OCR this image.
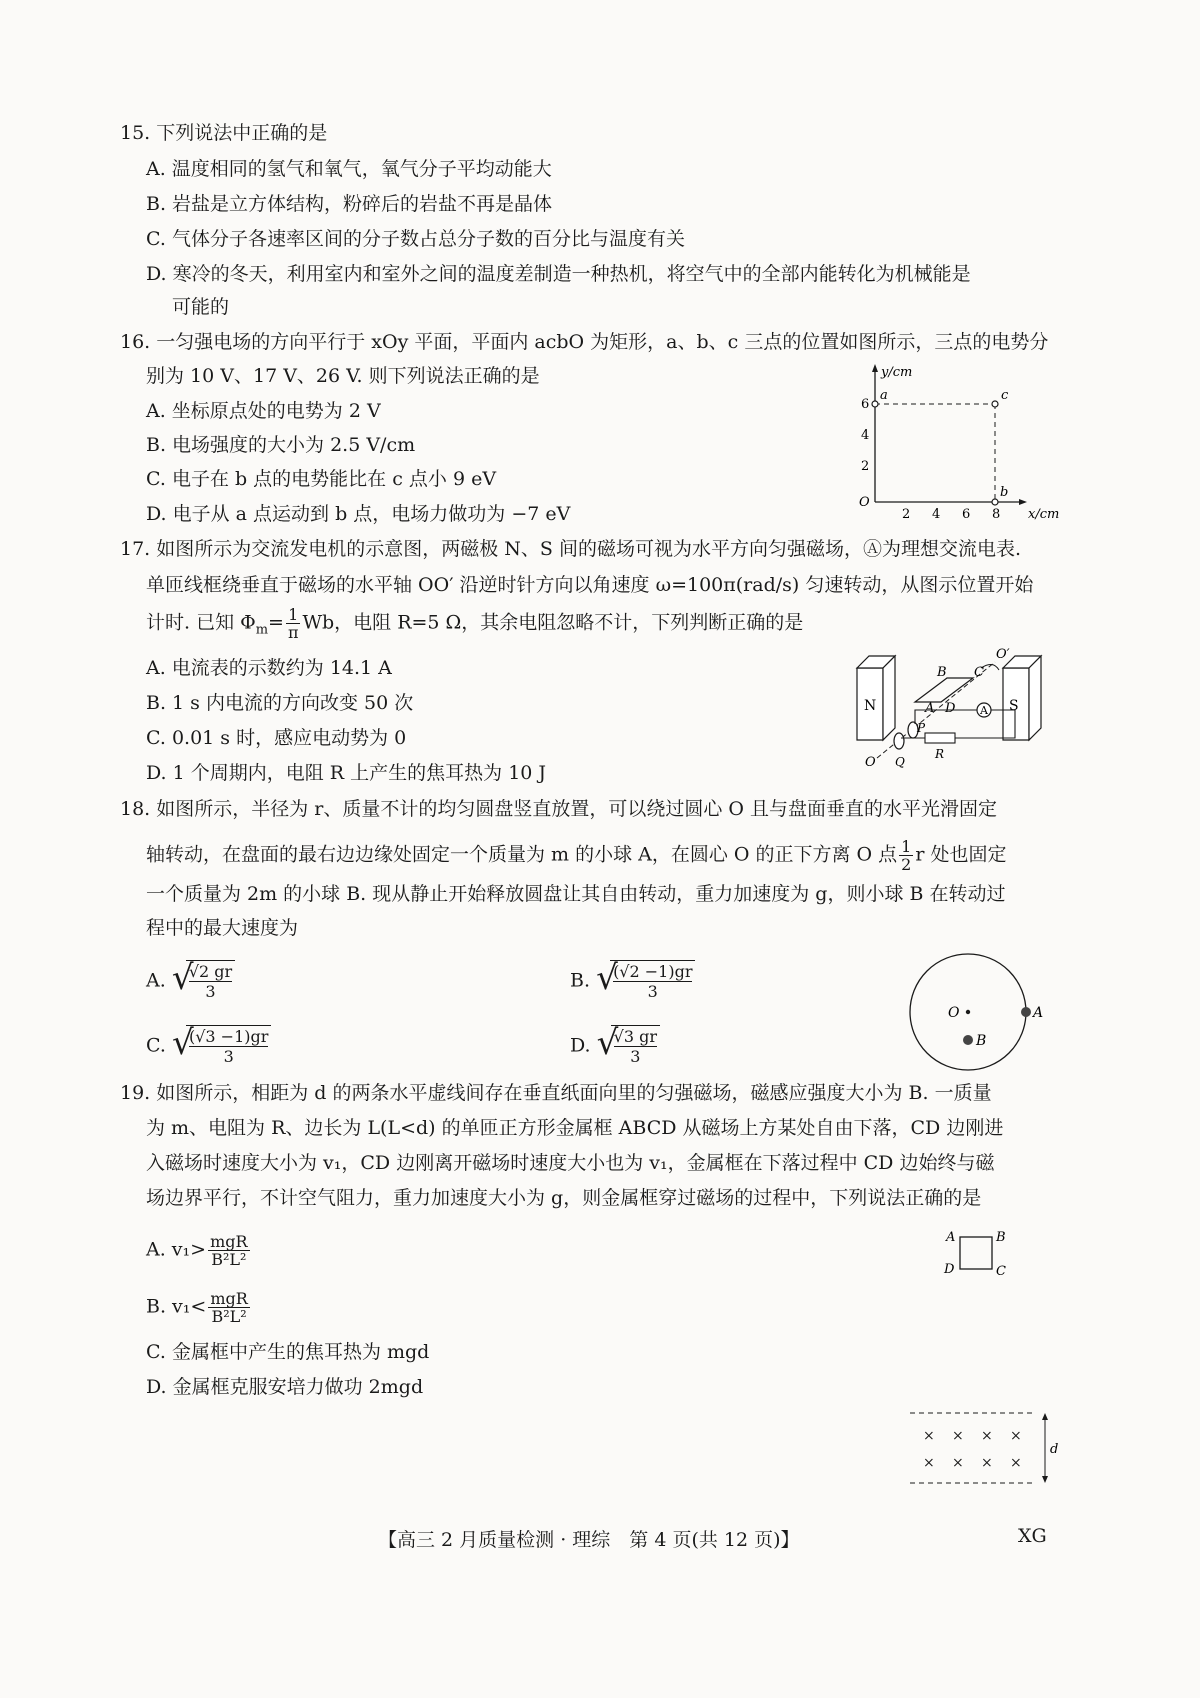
15. 下列说法中正确的是
A. 温度相同的氢气和氧气，氧气分子平均动能大
B. 岩盐是立方体结构，粉碎后的岩盐不再是晶体
C. 气体分子各速率区间的分子数占总分子数的百分比与温度有关
D. 寒冷的冬天，利用室内和室外之间的温度差制造一种热机，将空气中的全部内能转化为机械能是
可能的
16. 一匀强电场的方向平行于 xOy 平面，平面内 acbO 为矩形，a、b、c 三点的位置如图所示，三点的电势分
别为 10 V、17 V、26 V. 则下列说法正确的是
A. 坐标原点处的电势为 2 V
B. 电场强度的大小为 2.5 V/cm
C. 电子在 b 点的电势能比在 c 点小 9 eV
D. 电子从 a 点运动到 b 点，电场力做功为 −7 eV
y/cm
x/cm
O
6
4
2
2 4 6 8
a	c
b
17. 如图所示为交流发电机的示意图，两磁极 N、S 间的磁场可视为水平方向匀强磁场，Ⓐ为理想交流电表.
单匝线框绕垂直于磁场的水平轴 OO′ 沿逆时针方向以角速度 ω=100π(rad/s) 匀速转动，从图示位置开始
计时. 已知 $\Phi_m= \frac{1}{\pi}$ Wb，电阻 R=5 Ω，其余电阻忽略不计，下列判断正确的是
A. 电流表的示数约为 14.1 A
B. 1 s 内电流的方向改变 50 次
C. 0.01 s 时，感应电动势为 0
D. 1 个周期内，电阻 R 上产生的焦耳热为 10 J
N	S
O′
B C
A D
P
Q
O
A
R
18. 如图所示，半径为 r、质量不计的均匀圆盘竖直放置，可以绕过圆心 O 且与盘面垂直的水平光滑固定
轴转动，在盘面的最右边边缘处固定一个质量为 m 的小球 A，在圆心 O 的正下方离 O 点 $\frac{1}{2}$ r 处也固定
一个质量为 2m 的小球 B. 现从静止开始释放圆盘让其自由转动，重力加速度为 g，则小球 B 在转动过
程中的最大速度为
A. √
$\frac{√2 gr}{3}$	B. √
$\frac{(√2 -1)gr}{3}$
C. √
$\frac{(√3 -1)gr}{3}$	D. √
$\frac{√3 gr}{3}$
O	A
B
19. 如图所示，相距为 d 的两条水平虚线间存在垂直纸面向里的匀强磁场，磁感应强度大小为 B. 一质量
为 m、电阻为 R、边长为 L(L<d) 的单匝正方形金属框 ABCD 从磁场上方某处自由下落，CD 边刚进
入磁场时速度大小为 v₁，CD 边刚离开磁场时速度大小也为 v₁，金属框在下落过程中 CD 边始终与磁
场边界平行，不计空气阻力，重力加速度大小为 g，则金属框穿过磁场的过程中，下列说法正确的是
A. $v_1> \frac{\text{mgR}}{\text{B²L²}}$
B. $v_1< \frac{\text{mgR}}{\text{B²L²}}$
C. 金属框中产生的焦耳热为 mgd
D. 金属框克服安培力做功 2mgd
A	B
D	C
× × × ×
× × × ×
d
【高三 2 月质量检测 · 理综　第 4 页(共 12 页)】	XG
